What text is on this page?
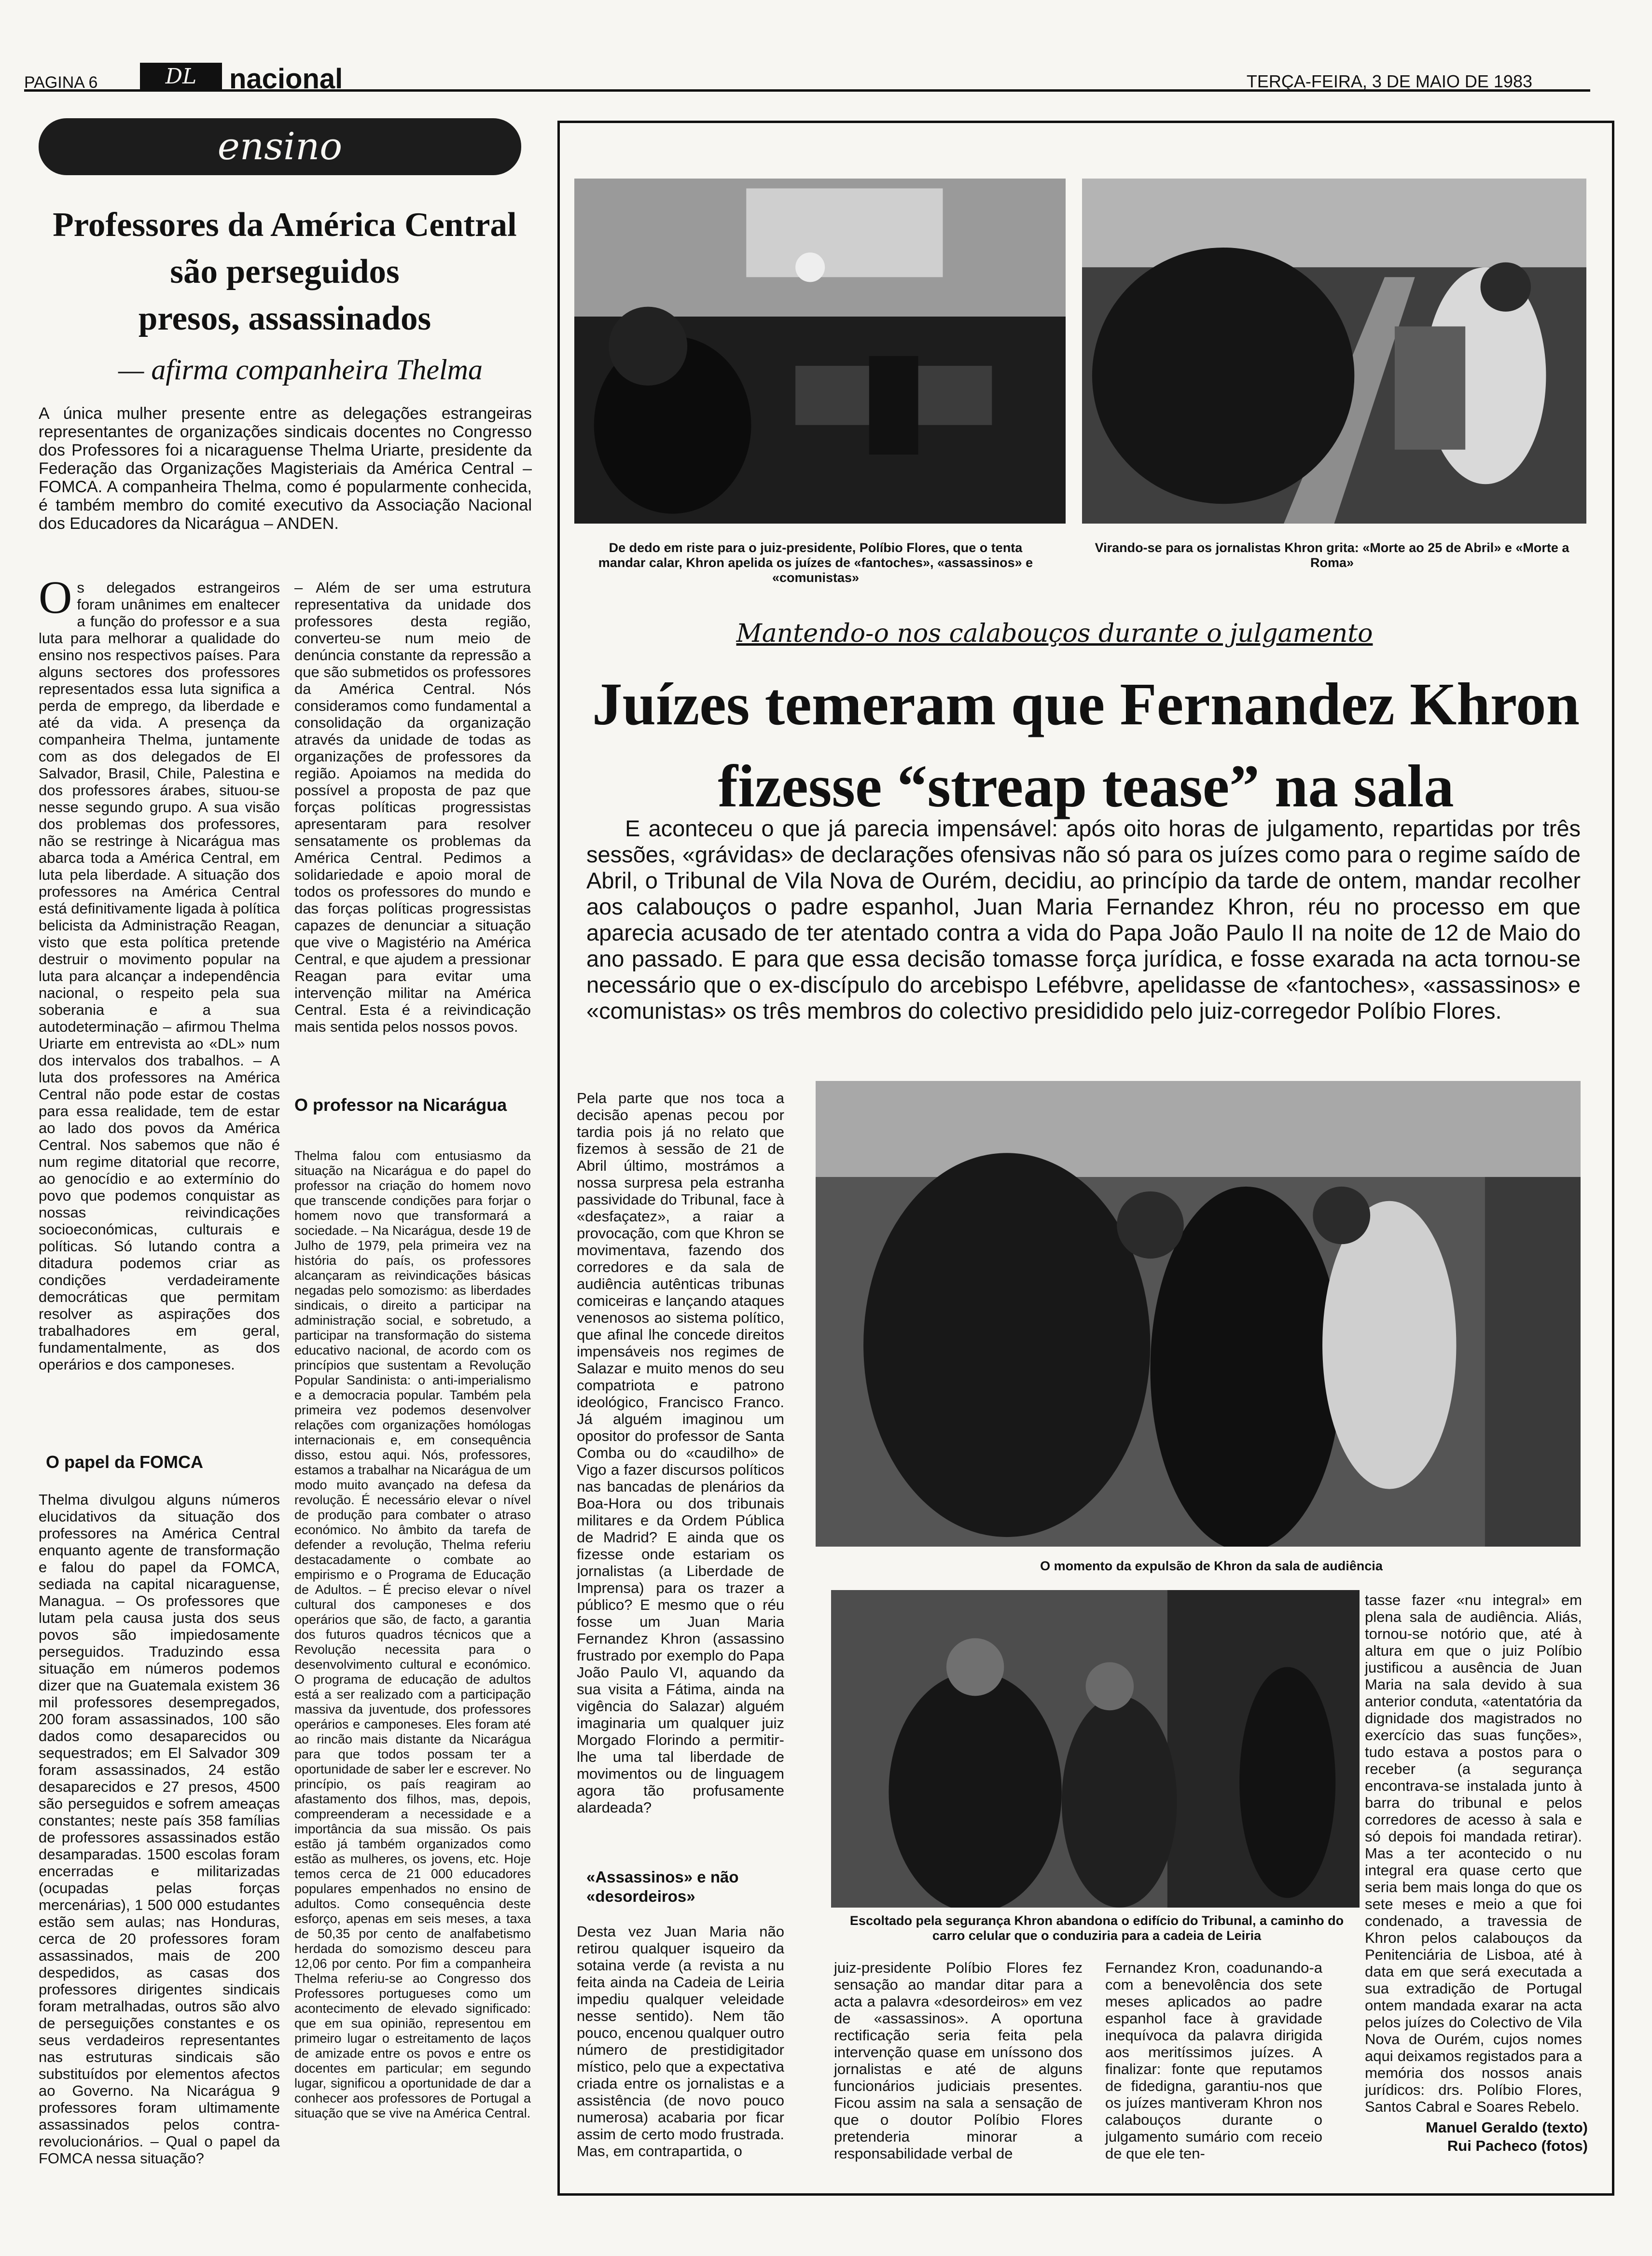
PAGINA 6	DL	nacional	TERÇA-FEIRA, 3 DE MAIO DE 1983
ensino
Professores da América Central
são perseguidos
presos, assassinados
— afirma companheira Thelma
A única mulher presente entre as delegações estrangeiras representantes de organizações sindicais docentes no Congresso dos Professores foi a nicaraguense Thelma Uriarte, presidente da Federação das Organizações Magisteriais da América Central – FOMCA. A companheira Thelma, como é popularmente conhecida, é também membro do comité executivo da Associação Nacional dos Educadores da Nicarágua – ANDEN.
O s delegados estrangeiros foram unânimes em enaltecer a função do professor e a sua luta para melhorar a qualidade do ensino nos respectivos países. Para alguns sectores dos professores representados essa luta significa a perda de emprego, da liberdade e até da vida. A presença da companheira Thelma, juntamente com as dos delegados de El Salvador, Brasil, Chile, Palestina e dos professores árabes, situou-se nesse segundo grupo. A sua visão dos problemas dos professores, não se restringe à Nicarágua mas abarca toda a América Central, em luta pela liberdade. A situação dos professores na América Central está definitivamente ligada à política belicista da Administração Reagan, visto que esta política pretende destruir o movimento popular na luta para alcançar a independência nacional, o respeito pela sua soberania e a sua autodeterminação – afirmou Thelma Uriarte em entrevista ao «DL» num dos intervalos dos trabalhos. – A luta dos professores na América Central não pode estar de costas para essa realidade, tem de estar ao lado dos povos da América Central. Nos sabemos que não é num regime ditatorial que recorre, ao genocídio e ao extermínio do povo que podemos conquistar as nossas reivindicações socioeconómicas, culturais e políticas. Só lutando contra a ditadura podemos criar as condições verdadeiramente democráticas que permitam resolver as aspirações dos trabalhadores em geral, fundamentalmente, as dos operários e dos camponeses.
O papel da FOMCA
Thelma divulgou alguns números elucidativos da situação dos professores na América Central enquanto agente de transformação e falou do papel da FOMCA, sediada na capital nicaraguense, Managua. – Os professores que lutam pela causa justa dos seus povos são impiedosamente perseguidos. Traduzindo essa situação em números podemos dizer que na Guatemala existem 36 mil professores desempregados, 200 foram assassinados, 100 são dados como desaparecidos ou sequestrados; em El Salvador 309 foram assassinados, 24 estão desaparecidos e 27 presos, 4500 são perseguidos e sofrem ameaças constantes; neste país 358 famílias de professores assassinados estão desamparadas. 1500 escolas foram encerradas e militarizadas (ocupadas pelas forças mercenárias), 1 500 000 estudantes estão sem aulas; nas Honduras, cerca de 20 professores foram assassinados, mais de 200 despedidos, as casas dos professores dirigentes sindicais foram metralhadas, outros são alvo de perseguições constantes e os seus verdadeiros representantes nas estruturas sindicais são substituídos por elementos afectos ao Governo. Na Nicarágua 9 professores foram ultimamente assassinados pelos contra-revolucionários. – Qual o papel da FOMCA nessa situação?
– Além de ser uma estrutura representativa da unidade dos professores desta região, converteu-se num meio de denúncia constante da repressão a que são submetidos os professores da América Central. Nós consideramos como fundamental a consolidação da organização através da unidade de todas as organizações de professores da região. Apoiamos na medida do possível a proposta de paz que forças políticas progressistas apresentaram para resolver sensatamente os problemas da América Central. Pedimos a solidariedade e apoio moral de todos os professores do mundo e das forças políticas progressistas capazes de denunciar a situação que vive o Magistério na América Central, e que ajudem a pressionar Reagan para evitar uma intervenção militar na América Central. Esta é a reivindicação mais sentida pelos nossos povos.
O professor na Nicarágua
Thelma falou com entusiasmo da situação na Nicarágua e do papel do professor na criação do homem novo que transcende condições para forjar o homem novo que transformará a sociedade. – Na Nicarágua, desde 19 de Julho de 1979, pela primeira vez na história do país, os professores alcançaram as reivindicações básicas negadas pelo somozismo: as liberdades sindicais, o direito a participar na administração social, e sobretudo, a participar na transformação do sistema educativo nacional, de acordo com os princípios que sustentam a Revolução Popular Sandinista: o anti-imperialismo e a democracia popular. Também pela primeira vez podemos desenvolver relações com organizações homólogas internacionais e, em consequência disso, estou aqui. Nós, professores, estamos a trabalhar na Nicarágua de um modo muito avançado na defesa da revolução. É necessário elevar o nível de produção para combater o atraso económico. No âmbito da tarefa de defender a revolução, Thelma referiu destacadamente o combate ao empirismo e o Programa de Educação de Adultos. – É preciso elevar o nível cultural dos camponeses e dos operários que são, de facto, a garantia dos futuros quadros técnicos que a Revolução necessita para o desenvolvimento cultural e económico. O programa de educação de adultos está a ser realizado com a participação massiva da juventude, dos professores operários e camponeses. Eles foram até ao rincão mais distante da Nicarágua para que todos possam ter a oportunidade de saber ler e escrever. No princípio, os país reagiram ao afastamento dos filhos, mas, depois, compreenderam a necessidade e a importância da sua missão. Os pais estão já também organizados como estão as mulheres, os jovens, etc. Hoje temos cerca de 21 000 educadores populares empenhados no ensino de adultos. Como consequência deste esforço, apenas em seis meses, a taxa de 50,35 por cento de analfabetismo herdada do somozismo desceu para 12,06 por cento. Por fim a companheira Thelma referiu-se ao Congresso dos Professores portugueses como um acontecimento de elevado significado: que em sua opinião, representou em primeiro lugar o estreitamento de laços de amizade entre os povos e entre os docentes em particular; em segundo lugar, significou a oportunidade de dar a conhecer aos professores de Portugal a situação que se vive na América Central.
De dedo em riste para o juiz-presidente, Políbio Flores, que o tenta mandar calar, Khron apelida os juízes de «fantoches», «assassinos» e «comunistas»
Virando-se para os jornalistas Khron grita: «Morte ao 25 de Abril» e «Morte a Roma»
Mantendo-o nos calabouços durante o julgamento
Juízes temeram que Fernandez Khron
fizesse “streap tease” na sala
E aconteceu o que já parecia impensável: após oito horas de julgamento, repartidas por três sessões, «grávidas» de declarações ofensivas não só para os juízes como para o regime saído de Abril, o Tribunal de Vila Nova de Ourém, decidiu, ao princípio da tarde de ontem, mandar recolher aos calabouços o padre espanhol, Juan Maria Fernandez Khron, réu no processo em que aparecia acusado de ter atentado contra a vida do Papa João Paulo II na noite de 12 de Maio do ano passado. E para que essa decisão tomasse força jurídica, e fosse exarada na acta tornou-se necessário que o ex-discípulo do arcebispo Lefébvre, apelidasse de «fantoches», «assassinos» e «comunistas» os três membros do colectivo presididido pelo juiz-corregedor Políbio Flores.
Pela parte que nos toca a decisão apenas pecou por tardia pois já no relato que fizemos à sessão de 21 de Abril último, mostrámos a nossa surpresa pela estranha passividade do Tribunal, face à «desfaçatez», a raiar a provocação, com que Khron se movimentava, fazendo dos corredores e da sala de audiência autênticas tribunas comiceiras e lançando ataques venenosos ao sistema político, que afinal lhe concede direitos impensáveis nos regimes de Salazar e muito menos do seu compatriota e patrono ideológico, Francisco Franco. Já alguém imaginou um opositor do professor de Santa Comba ou do «caudilho» de Vigo a fazer discursos políticos nas bancadas de plenários da Boa-Hora ou dos tribunais militares e da Ordem Pública de Madrid? E ainda que os fizesse onde estariam os jornalistas (a Liberdade de Imprensa) para os trazer a público? E mesmo que o réu fosse um Juan Maria Fernandez Khron (assassino frustrado por exemplo do Papa João Paulo VI, aquando da sua visita a Fátima, ainda na vigência do Salazar) alguém imaginaria um qualquer juiz Morgado Florindo a permitir-lhe uma tal liberdade de movimentos ou de linguagem agora tão profusamente alardeada?
«Assassinos» e não «desordeiros»
Desta vez Juan Maria não retirou qualquer isqueiro da sotaina verde (a revista a nu feita ainda na Cadeia de Leiria impediu qualquer veleidade nesse sentido). Nem tão pouco, encenou qualquer outro número de prestidigitador místico, pelo que a expectativa criada entre os jornalistas e a assistência (de novo pouco numerosa) acabaria por ficar assim de certo modo frustrada. Mas, em contrapartida, o
O momento da expulsão de Khron da sala de audiência
Escoltado pela segurança Khron abandona o edifício do Tribunal, a caminho do carro celular que o conduziria para a cadeia de Leiria
juiz-presidente Políbio Flores fez sensação ao mandar ditar para a acta a palavra «desordeiros» em vez de «assassinos». A oportuna rectificação seria feita pela intervenção quase em uníssono dos jornalistas e até de alguns funcionários judiciais presentes. Ficou assim na sala a sensação de que o doutor Políbio Flores pretenderia minorar a responsabilidade verbal de
Fernandez Kron, coadunando-a com a benevolência dos sete meses aplicados ao padre espanhol face à gravidade inequívoca da palavra dirigida aos meritíssimos juízes. A finalizar: fonte que reputamos de fidedigna, garantiu-nos que os juízes mantiveram Khron nos calabouços durante o julgamento sumário com receio de que ele ten-
tasse fazer «nu integral» em plena sala de audiência. Aliás, tornou-se notório que, até à altura em que o juiz Políbio justificou a ausência de Juan Maria na sala devido à sua anterior conduta, «atentatória da dignidade dos magistrados no exercício das suas funções», tudo estava a postos para o receber (a segurança encontrava-se instalada junto à barra do tribunal e pelos corredores de acesso à sala e só depois foi mandada retirar). Mas a ter acontecido o nu integral era quase certo que seria bem mais longa do que os sete meses e meio a que foi condenado, a travessia de Khron pelos calabouços da Penitenciária de Lisboa, até à data em que será executada a sua extradição de Portugal ontem mandada exarar na acta pelos juízes do Colectivo de Vila Nova de Ourém, cujos nomes aqui deixamos registados para a memória dos nossos anais jurídicos: drs. Políbio Flores, Santos Cabral e Soares Rebelo.
Manuel Geraldo (texto)
Rui Pacheco (fotos)
